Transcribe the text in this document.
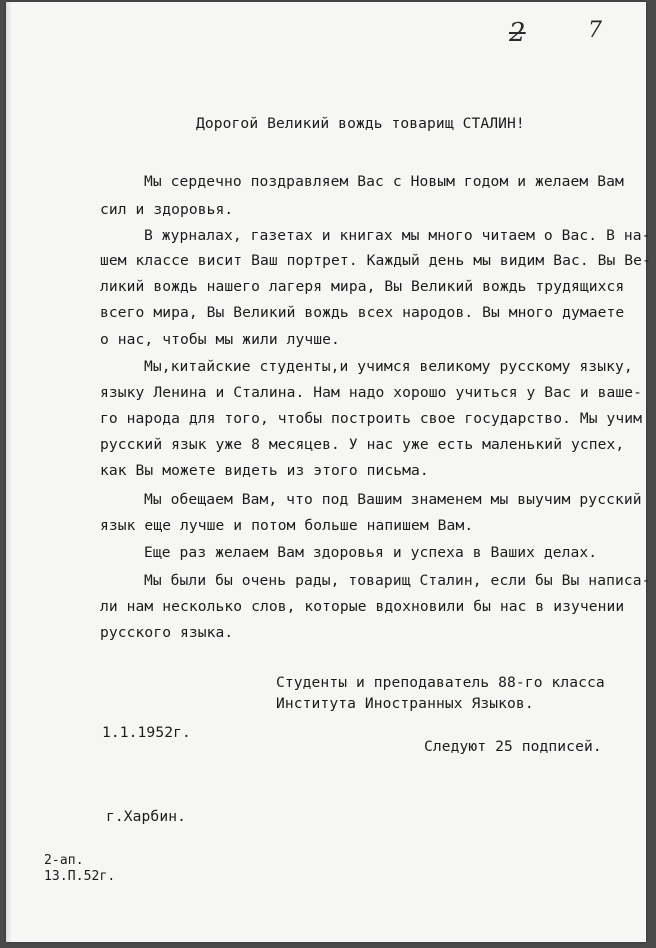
2	7
Дорогой Великий вождь товарищ СТАЛИН!
Мы сердечно поздравляем Вас с Новым годом и желаем Вам
сил и здоровья.
В журналах, газетах и книгах мы много читаем о Вас. В на-
шем классе висит Ваш портрет. Каждый день мы видим Вас. Вы Ве-
ликий вождь нашего лагеря мира, Вы Великий вождь трудящихся
всего мира, Вы Великий вождь всех народов. Вы много думаете
о нас, чтобы мы жили лучше.
Мы,китайские студенты,и учимся великому русскому языку,
языку Ленина и Сталина. Нам надо хорошо учиться у Вас и ваше-
го народа для того, чтобы построить свое государство. Мы учим
русский язык уже 8 месяцев. У нас уже есть маленький успех,
как Вы можете видеть из этого письма.
Мы обещаем Вам, что под Вашим знаменем мы выучим русский
язык еще лучше и потом больше напишем Вам.
Еще раз желаем Вам здоровья и успеха в Ваших делах.
Мы были бы очень рады, товарищ Сталин, если бы Вы написа-
ли нам несколько слов, которые вдохновили бы нас в изучении
русского языка.
Студенты и преподаватель 88-го класса
Института Иностранных Языков.
1.1.1952г.
Следуют 25 подписей.
г.Харбин.
2-ап.
13.П.52г.
